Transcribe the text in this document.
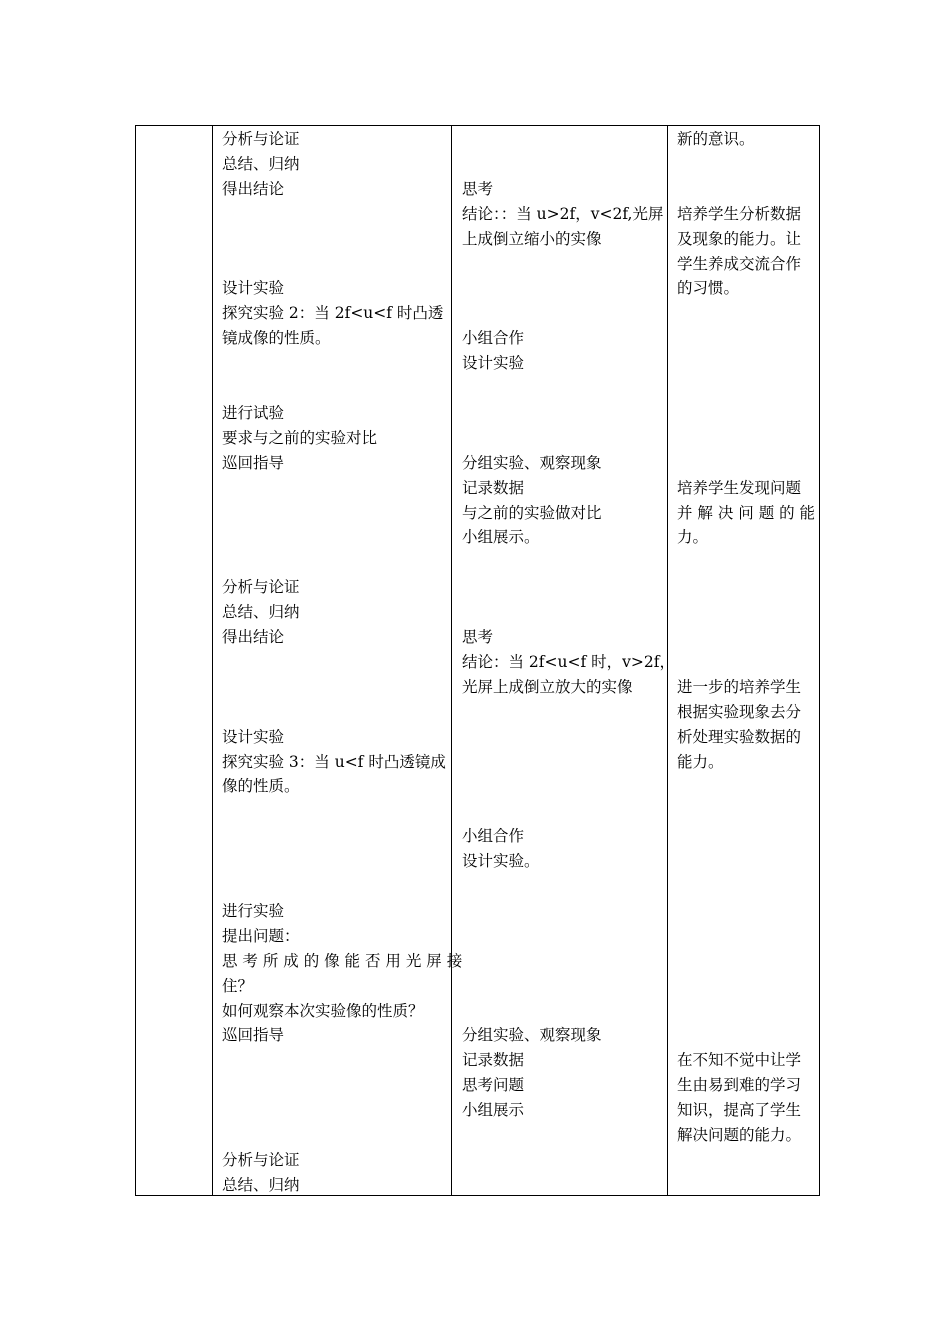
分析与论证
总结、归纳
得出结论
设计实验
探究实验 2：当 2f<u<f 时凸透
镜成像的性质。
进行试验
要求与之前的实验对比
巡回指导
分析与论证
总结、归纳
得出结论
设计实验
探究实验 3：当 u<f 时凸透镜成
像的性质。
进行实验
提出问题：
思 考 所 成 的 像 能 否 用 光 屏 接
住？
如何观察本次实验像的性质？
巡回指导
分析与论证
总结、归纳
思考
结论：：当 u>2f，v<2f,光屏
上成倒立缩小的实像
小组合作
设计实验
分组实验、观察现象
记录数据
与之前的实验做对比
小组展示。
思考
结论：当 2f<u<f 时，v>2f，
光屏上成倒立放大的实像
小组合作
设计实验。
分组实验、观察现象
记录数据
思考问题
小组展示
新的意识。
培养学生分析数据
及现象的能力。让
学生养成交流合作
的习惯。
培养学生发现问题
并 解 决 问 题 的 能
力。
进一步的培养学生
根据实验现象去分
析处理实验数据的
能力。
在不知不觉中让学
生由易到难的学习
知识，提高了学生
解决问题的能力。
